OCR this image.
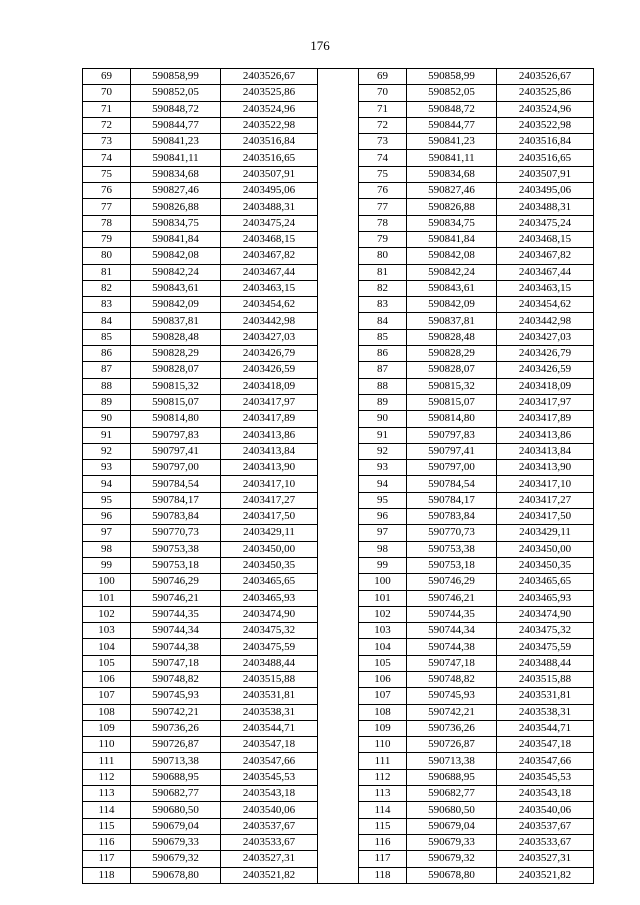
176
69	590858,99	2403526,67		69	590858,99	2403526,67
70	590852,05	2403525,86		70	590852,05	2403525,86
71	590848,72	2403524,96		71	590848,72	2403524,96
72	590844,77	2403522,98		72	590844,77	2403522,98
73	590841,23	2403516,84		73	590841,23	2403516,84
74	590841,11	2403516,65		74	590841,11	2403516,65
75	590834,68	2403507,91		75	590834,68	2403507,91
76	590827,46	2403495,06		76	590827,46	2403495,06
77	590826,88	2403488,31		77	590826,88	2403488,31
78	590834,75	2403475,24		78	590834,75	2403475,24
79	590841,84	2403468,15		79	590841,84	2403468,15
80	590842,08	2403467,82		80	590842,08	2403467,82
81	590842,24	2403467,44		81	590842,24	2403467,44
82	590843,61	2403463,15		82	590843,61	2403463,15
83	590842,09	2403454,62		83	590842,09	2403454,62
84	590837,81	2403442,98		84	590837,81	2403442,98
85	590828,48	2403427,03		85	590828,48	2403427,03
86	590828,29	2403426,79		86	590828,29	2403426,79
87	590828,07	2403426,59		87	590828,07	2403426,59
88	590815,32	2403418,09		88	590815,32	2403418,09
89	590815,07	2403417,97		89	590815,07	2403417,97
90	590814,80	2403417,89		90	590814,80	2403417,89
91	590797,83	2403413,86		91	590797,83	2403413,86
92	590797,41	2403413,84		92	590797,41	2403413,84
93	590797,00	2403413,90		93	590797,00	2403413,90
94	590784,54	2403417,10		94	590784,54	2403417,10
95	590784,17	2403417,27		95	590784,17	2403417,27
96	590783,84	2403417,50		96	590783,84	2403417,50
97	590770,73	2403429,11		97	590770,73	2403429,11
98	590753,38	2403450,00		98	590753,38	2403450,00
99	590753,18	2403450,35		99	590753,18	2403450,35
100	590746,29	2403465,65		100	590746,29	2403465,65
101	590746,21	2403465,93		101	590746,21	2403465,93
102	590744,35	2403474,90		102	590744,35	2403474,90
103	590744,34	2403475,32		103	590744,34	2403475,32
104	590744,38	2403475,59		104	590744,38	2403475,59
105	590747,18	2403488,44		105	590747,18	2403488,44
106	590748,82	2403515,88		106	590748,82	2403515,88
107	590745,93	2403531,81		107	590745,93	2403531,81
108	590742,21	2403538,31		108	590742,21	2403538,31
109	590736,26	2403544,71		109	590736,26	2403544,71
110	590726,87	2403547,18		110	590726,87	2403547,18
111	590713,38	2403547,66		111	590713,38	2403547,66
112	590688,95	2403545,53		112	590688,95	2403545,53
113	590682,77	2403543,18		113	590682,77	2403543,18
114	590680,50	2403540,06		114	590680,50	2403540,06
115	590679,04	2403537,67		115	590679,04	2403537,67
116	590679,33	2403533,67		116	590679,33	2403533,67
117	590679,32	2403527,31		117	590679,32	2403527,31
118	590678,80	2403521,82		118	590678,80	2403521,82
